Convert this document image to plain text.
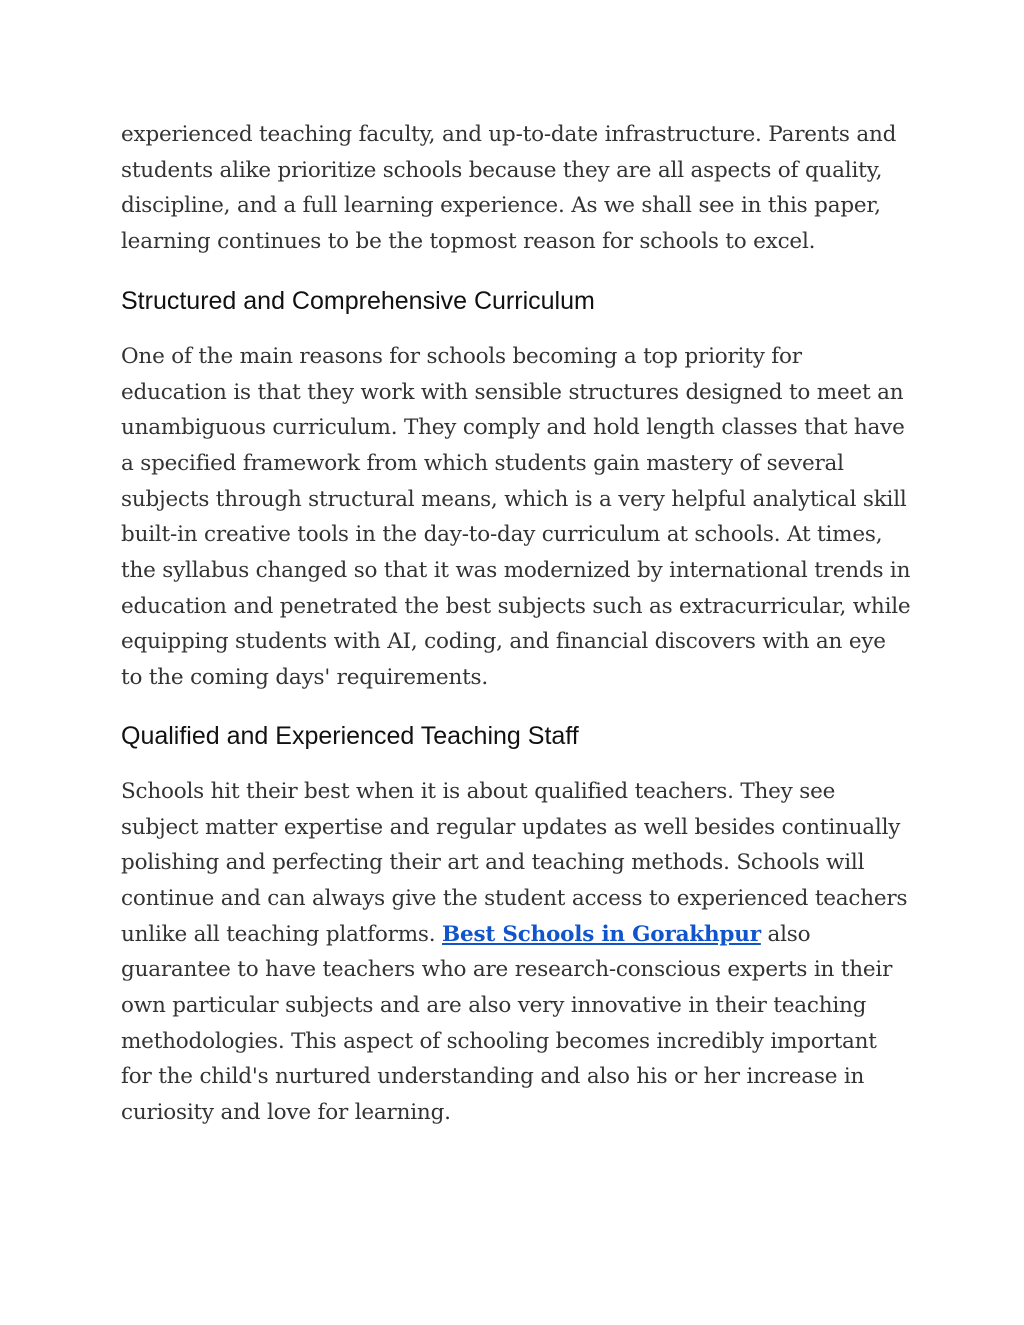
experienced teaching faculty, and up-to-date infrastructure. Parents and students alike prioritize schools because they are all aspects of quality, discipline, and a full learning experience. As we shall see in this paper, learning continues to be the topmost reason for schools to excel.

Structured and Comprehensive Curriculum

One of the main reasons for schools becoming a top priority for education is that they work with sensible structures designed to meet an unambiguous curriculum. They comply and hold length classes that have a specified framework from which students gain mastery of several subjects through structural means, which is a very helpful analytical skill built-in creative tools in the day-to-day curriculum at schools. At times, the syllabus changed so that it was modernized by international trends in education and penetrated the best subjects such as extracurricular, while equipping students with AI, coding, and financial discovers with an eye to the coming days' requirements.

Qualified and Experienced Teaching Staff

Schools hit their best when it is about qualified teachers. They see subject matter expertise and regular updates as well besides continually polishing and perfecting their art and teaching methods. Schools will continue and can always give the student access to experienced teachers unlike all teaching platforms. Best Schools in Gorakhpur also guarantee to have teachers who are research-conscious experts in their own particular subjects and are also very innovative in their teaching methodologies. This aspect of schooling becomes incredibly important for the child's nurtured understanding and also his or her increase in curiosity and love for learning.
